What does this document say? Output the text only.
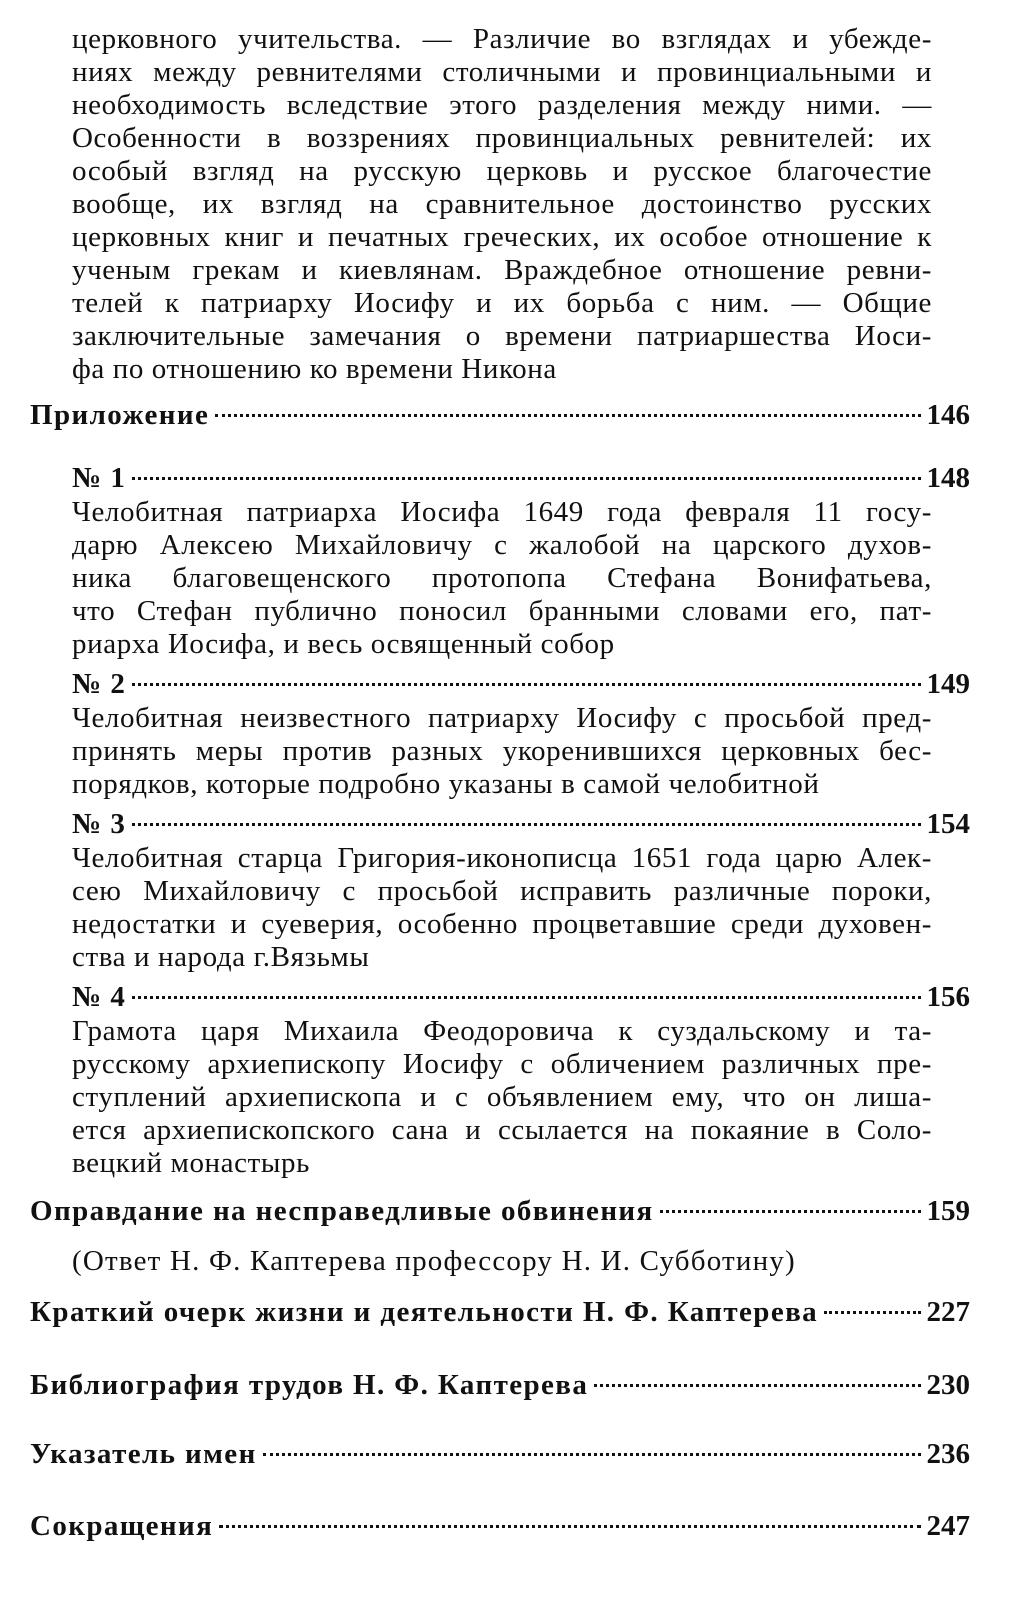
церковного учительства. — Различие во взглядах и убежде-
ниях между ревнителями столичными и провинциальными и
необходимость вследствие этого разделения между ними. —
Особенности в воззрениях провинциальных ревнителей: их
особый взгляд на русскую церковь и русское благочестие
вообще, их взгляд на сравнительное достоинство русских
церковных книг и печатных греческих, их особое отношение к
ученым грекам и киевлянам. Враждебное отношение ревни-
телей к патриарху Иосифу и их борьба с ним. — Общие
заключительные замечания о времени патриаршества Иоси-
фа по отношению ко времени Никона
Приложение	146
№ 1	148
Челобитная патриарха Иосифа 1649 года февраля 11 госу-
дарю Алексею Михайловичу с жалобой на царского духов-
ника благовещенского протопопа Стефана Вонифатьева,
что Стефан публично поносил бранными словами его, пат-
риарха Иосифа, и весь освященный собор
№ 2	149
Челобитная неизвестного патриарху Иосифу с просьбой пред-
принять меры против разных укоренившихся церковных бес-
порядков, которые подробно указаны в самой челобитной
№ 3	154
Челобитная старца Григория-иконописца 1651 года царю Алек-
сею Михайловичу с просьбой исправить различные пороки,
недостатки и суеверия, особенно процветавшие среди духовен-
ства и народа г.Вязьмы
№ 4	156
Грамота царя Михаила Феодоровича к суздальскому и та-
русскому архиепископу Иосифу с обличением различных пре-
ступлений архиепископа и с объявлением ему, что он лиша-
ется архиепископского сана и ссылается на покаяние в Соло-
вецкий монастырь
Оправдание на несправедливые обвинения	159
(Ответ Н. Ф. Каптерева профессору Н. И. Субботину)
Краткий очерк жизни и деятельности Н. Ф. Каптерева	227
Библиография трудов Н. Ф. Каптерева	230
Указатель имен	236
Сокращения	247
